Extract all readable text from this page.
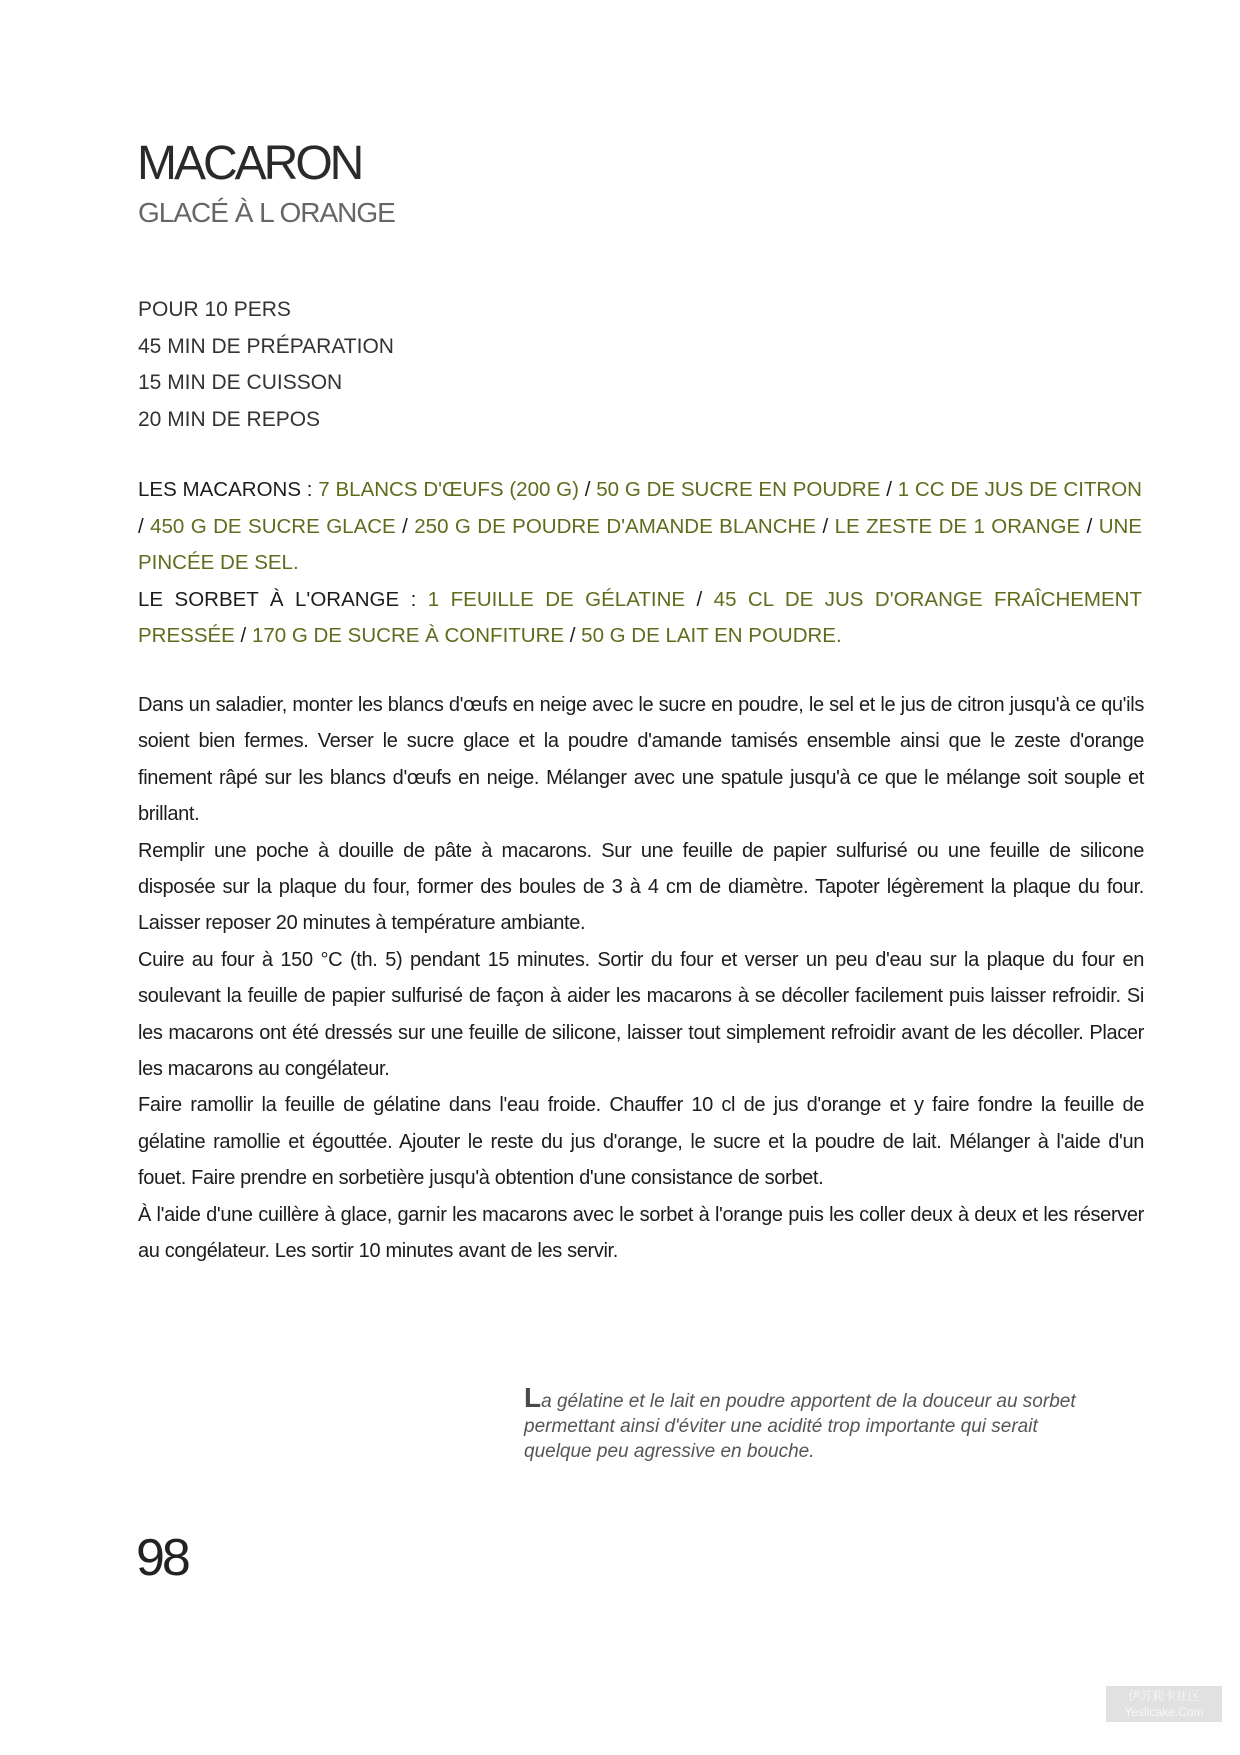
MACARON
GLACÉ À L ORANGE
POUR 10 PERS
45 MIN DE PRÉPARATION
15 MIN DE CUISSON
20 MIN DE REPOS
LES MACARONS : 7 BLANCS D'ŒUFS (200 G) / 50 G DE SUCRE EN POUDRE / 1 CC DE JUS DE CITRON / 450 G DE SUCRE GLACE / 250 G DE POUDRE D'AMANDE BLANCHE / LE ZESTE DE 1 ORANGE / UNE PINCÉE DE SEL.
LE SORBET À L'ORANGE : 1 FEUILLE DE GÉLATINE / 45 CL DE JUS D'ORANGE FRAÎCHEMENT PRESSÉE / 170 G DE SUCRE À CONFITURE / 50 G DE LAIT EN POUDRE.

Dans un saladier, monter les blancs d'œufs en neige avec le sucre en poudre, le sel et le jus de citron jusqu'à ce qu'ils soient bien fermes. Verser le sucre glace et la poudre d'amande tamisés ensemble ainsi que le zeste d'orange finement râpé sur les blancs d'œufs en neige. Mélanger avec une spatule jusqu'à ce que le mélange soit souple et brillant.

Remplir une poche à douille de pâte à macarons. Sur une feuille de papier sulfurisé ou une feuille de silicone disposée sur la plaque du four, former des boules de 3 à 4 cm de diamètre. Tapoter légèrement la plaque du four. Laisser reposer 20 minutes à température ambiante.

Cuire au four à 150 °C (th. 5) pendant 15 minutes. Sortir du four et verser un peu d'eau sur la plaque du four en soulevant la feuille de papier sulfurisé de façon à aider les macarons à se décoller facilement puis laisser refroidir. Si les macarons ont été dressés sur une feuille de silicone, laisser tout simplement refroidir avant de les décoller. Placer les macarons au congélateur.

Faire ramollir la feuille de gélatine dans l'eau froide. Chauffer 10 cl de jus d'orange et y faire fondre la feuille de gélatine ramollie et égouttée. Ajouter le reste du jus d'orange, le sucre et la poudre de lait. Mélanger à l'aide d'un fouet. Faire prendre en sorbetière jusqu'à obtention d'une consistance de sorbet.

À l'aide d'une cuillère à glace, garnir les macarons avec le sorbet à l'orange puis les coller deux à deux et les réserver au congélateur. Les sortir 10 minutes avant de les servir.

La gélatine et le lait en poudre apportent de la douceur au sorbet permettant ainsi d'éviter une acidité trop importante qui serait quelque peu agressive en bouche.
98
伊苏莉卡社区
Yeslicake.Com
